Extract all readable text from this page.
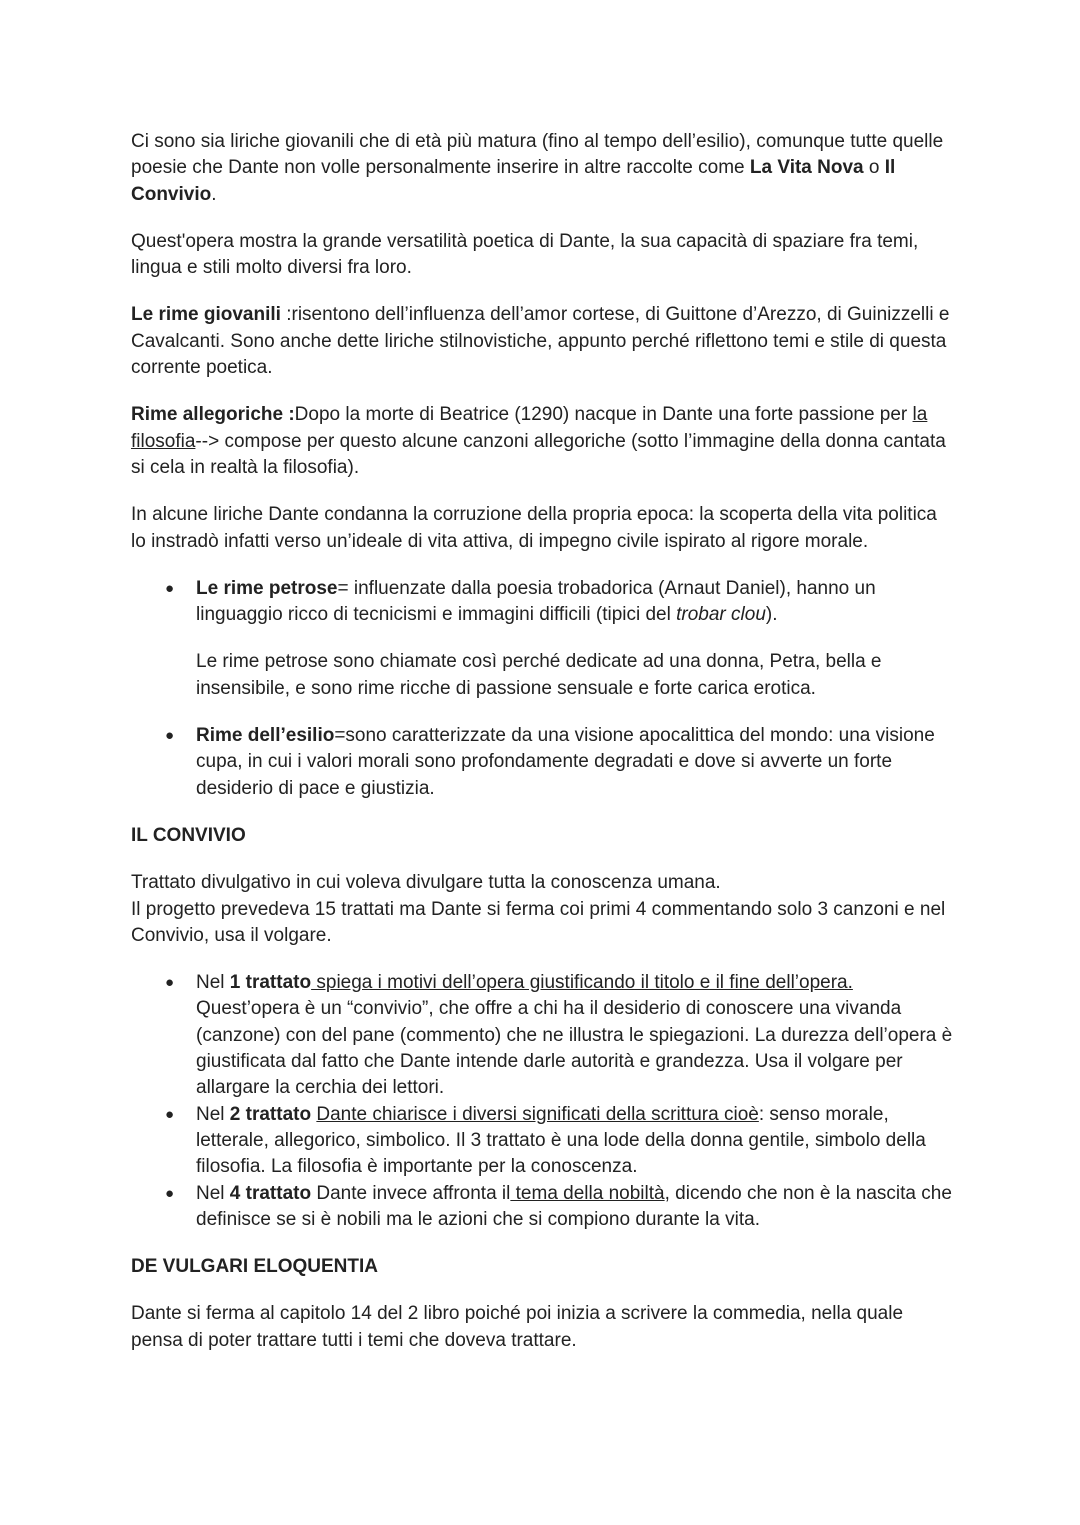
Ci sono sia liriche giovanili che di età più matura (fino al tempo dell’esilio), comunque tutte quelle poesie che Dante non volle personalmente inserire in altre raccolte come La Vita Nova o Il Convivio.

Quest'opera mostra la grande versatilità poetica di Dante, la sua capacità di spaziare fra temi, lingua e stili molto diversi fra loro.

Le rime giovanili :risentono dell’influenza dell’amor cortese, di Guittone d’Arezzo, di Guinizzelli e Cavalcanti. Sono anche dette liriche stilnovistiche, appunto perché riflettono temi e stile di questa corrente poetica.

Rime allegoriche :Dopo la morte di Beatrice (1290) nacque in Dante una forte passione per la filosofia--> compose per questo alcune canzoni allegoriche (sotto l’immagine della donna cantata si cela in realtà la filosofia).

In alcune liriche Dante condanna la corruzione della propria epoca: la scoperta della vita politica lo instradò infatti verso un’ideale di vita attiva, di impegno civile ispirato al rigore morale.

● Le rime petrose= influenzate dalla poesia trobadorica (Arnaut Daniel), hanno un linguaggio ricco di tecnicismi e immagini difficili (tipici del trobar clou).

Le rime petrose sono chiamate così perché dedicate ad una donna, Petra, bella e insensibile, e sono rime ricche di passione sensuale e forte carica erotica.

● Rime dell’esilio=sono caratterizzate da una visione apocalittica del mondo: una visione cupa, in cui i valori morali sono profondamente degradati e dove si avverte un forte desiderio di pace e giustizia.
IL CONVIVIO

Trattato divulgativo in cui voleva divulgare tutta la conoscenza umana.
Il progetto prevedeva 15 trattati ma Dante si ferma coi primi 4 commentando solo 3 canzoni e nel Convivio, usa il volgare.

● Nel 1 trattato spiega i motivi dell’opera giustificando il titolo e il fine dell’opera. Quest’opera è un “convivio”, che offre a chi ha il desiderio di conoscere una vivanda (canzone) con del pane (commento) che ne illustra le spiegazioni. La durezza dell’opera è giustificata dal fatto che Dante intende darle autorità e grandezza. Usa il volgare per allargare la cerchia dei lettori.
● Nel 2 trattato Dante chiarisce i diversi significati della scrittura cioè: senso morale, letterale, allegorico, simbolico. Il 3 trattato è una lode della donna gentile, simbolo della filosofia. La filosofia è importante per la conoscenza.
● Nel 4 trattato Dante invece affronta il tema della nobiltà, dicendo che non è la nascita che definisce se si è nobili ma le azioni che si compiono durante la vita.
DE VULGARI ELOQUENTIA

Dante si ferma al capitolo 14 del 2 libro poiché poi inizia a scrivere la commedia, nella quale pensa di poter trattare tutti i temi che doveva trattare.
